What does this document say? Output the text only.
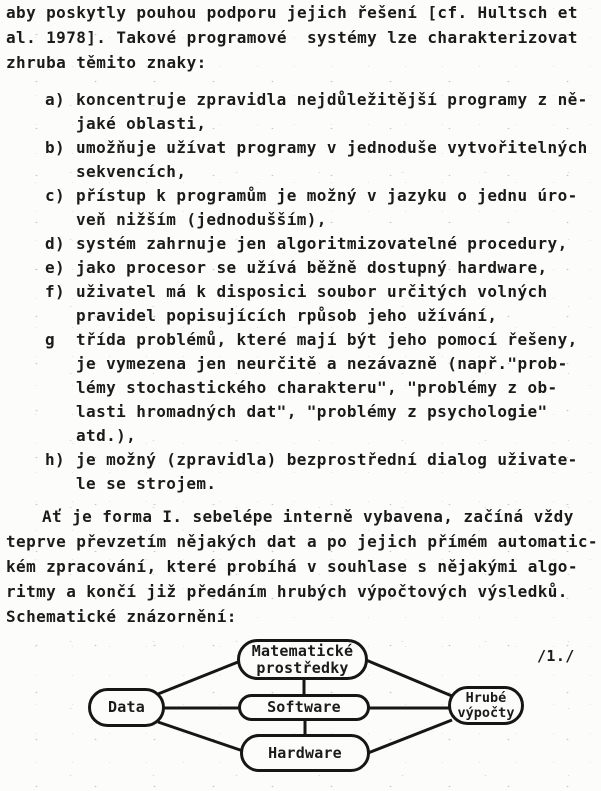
aby poskytly pouhou podporu jejich řešení [cf. Hultsch et
al. 1978]. Takové programové  systémy lze charakterizovat
zhruba těmito znaky:

a) koncentruje zpravidla nejdůležitější programy z ně-
jaké oblasti,
b) umožňuje užívat programy v jednoduše vytvořitelných
sekvencích,
c) přístup k programům je možný v jazyku o jednu úro-
veň nižším (jednodušším),
d) systém zahrnuje jen algoritmizovatelné procedury,
e) jako procesor se užívá běžně dostupný hardware,
f) uživatel má k disposici soubor určitých volných
pravidel popisujících rpůsob jeho užívání,
g třída problémů, které mají být jeho pomocí řešeny,
je vymezena jen neurčitě a nezávazně (např."prob-
lémy stochastického charakteru", "problémy z ob-
lasti hromadných dat", "problémy z psychologie"
atd.),
h) je možný (zpravidla) bezprostřední dialog uživate-
le se strojem.

Ať je forma I. sebelépe interně vybavena, začíná vždy
teprve převzetím nějakých dat a po jejich přímém automatic-
kém zpracování, které probíhá v souhlase s nějakými algo-
ritmy a končí již předáním hrubých výpočtových výsledků.
Schematické znázornění:

Data
Matematické
prostředky
Software
Hardware
Hrubé
výpočty
/1./
